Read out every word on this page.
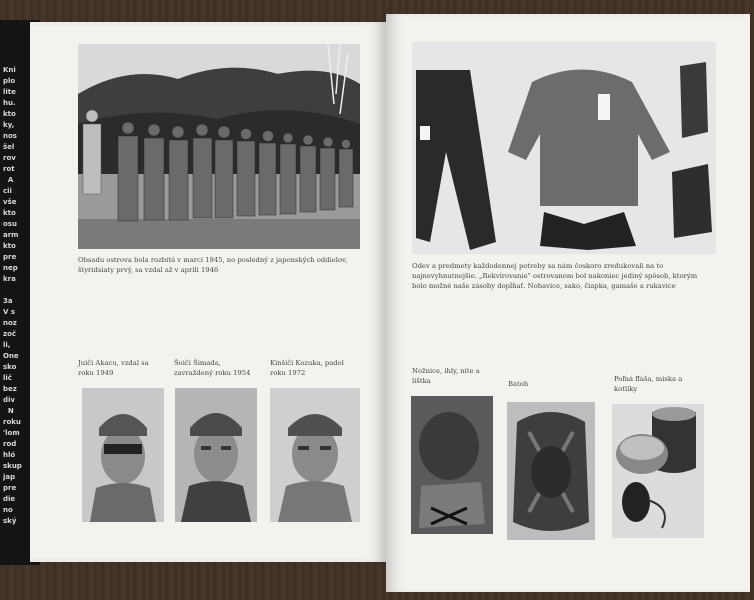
Kni
plo
lite
hu.
kto
ky,
nos
šel
rov
rot
A
cii
vše
kto
osu
arm
kto
pre
nep
kra

3a
V s
noz
zoč
li,
One
sko
lič
bez
div
N
roku
'lom
rod
hló
skup
jap
pre
die
no
ský
Obsadu ostrova bola rozbitá v marci 1945, no posledný z japonských oddielov, štyridsiaty prvý, sa vzdal až v apríli 1946
Juiči Akacu, vzdal sa roku 1949
Šoiči Šimada, zavraždený roku 1954
Kinšiči Kozuka, padol roku 1972
Odev a predmety každodennej potreby sa nám čoskoro zredukovali na to najnevyhnutnejšie. „Rekvírovanie" ostrovanom bol nakoniec jediný spôsob, ktorým bolo možné naše zásoby dopĺňať. Nohavice, sako, čiapka, gamaše a rukavice
Nožnice, ihly, nite a lištka	Batoh
Poľná fľaša, miska a kotlíky
